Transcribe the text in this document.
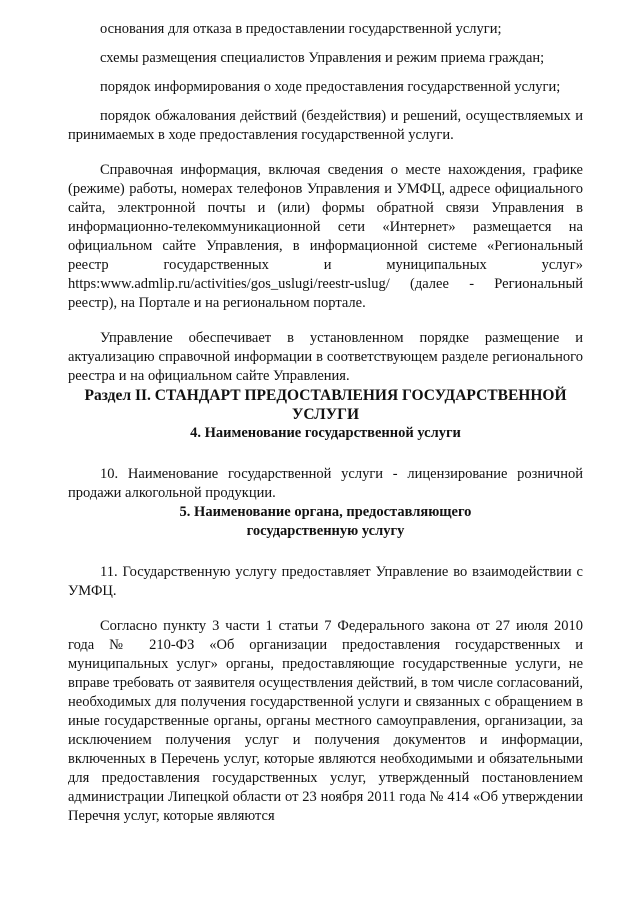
основания для отказа в предоставлении государственной услуги;

схемы размещения специалистов Управления и режим приема граждан;

порядок информирования о ходе предоставления государственной услуги;

порядок обжалования действий (бездействия) и решений, осуществляемых и принимаемых в ходе предоставления государственной услуги.

Справочная информация, включая сведения о месте нахождения, графике (режиме) работы, номерах телефонов Управления и УМФЦ, адресе официального сайта, электронной почты и (или) формы обратной связи Управления в информационно-телекоммуникационной сети «Интернет» размещается на официальном сайте Управления, в информационной системе «Региональный реестр государственных и муниципальных услуг» https:www.admlip.ru/activities/gos_uslugi/reestr-uslug/ (далее - Региональный реестр), на Портале и на региональном портале.

Управление обеспечивает в установленном порядке размещение и актуализацию справочной информации в соответствующем разделе регионального реестра и на официальном сайте Управления.

Раздел II. СТАНДАРТ ПРЕДОСТАВЛЕНИЯ ГОСУДАРСТВЕННОЙ
УСЛУГИ
4. Наименование государственной услуги

10. Наименование государственной услуги - лицензирование розничной продажи алкогольной продукции.

5. Наименование органа, предоставляющего
государственную услугу

11. Государственную услугу предоставляет Управление во взаимодействии с УМФЦ.

Согласно пункту 3 части 1 статьи 7 Федерального закона от 27 июля 2010 года № 210-ФЗ «Об организации предоставления государственных и муниципальных услуг» органы, предоставляющие государственные услуги, не вправе требовать от заявителя осуществления действий, в том числе согласований, необходимых для получения государственной услуги и связанных с обращением в иные государственные органы, органы местного самоуправления, организации, за исключением получения услуг и получения документов и информации, включенных в Перечень услуг, которые являются необходимыми и обязательными для предоставления государственных услуг, утвержденный постановлением администрации Липецкой области от 23 ноября 2011 года № 414 «Об утверждении Перечня услуг, которые являются
